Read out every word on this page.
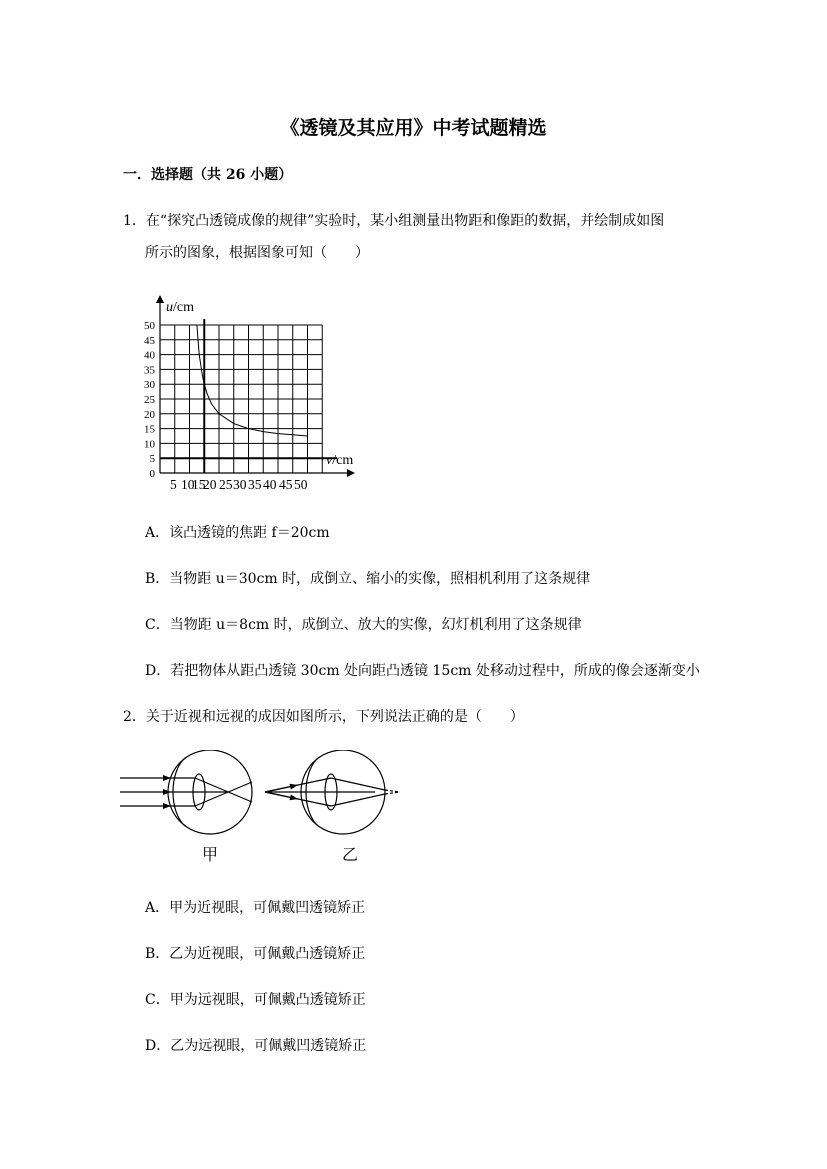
《透镜及其应用》中考试题精选
一．选择题（共 26 小题）
1．在“探究凸透镜成像的规律”实验时，某小组测量出物距和像距的数据，并绘制成如图
所示的图象，根据图象可知（　　）
0
5
10
15
20
25
30
35
40
45
50
5 10
15
20 25 30 35 40 45 50
u/cm
v/cm
A．该凸透镜的焦距 f＝20cm
B．当物距 u＝30cm 时，成倒立、缩小的实像，照相机利用了这条规律
C．当物距 u＝8cm 时，成倒立、放大的实像，幻灯机利用了这条规律
D．若把物体从距凸透镜 30cm 处向距凸透镜 15cm 处移动过程中，所成的像会逐渐变小
2．关于近视和远视的成因如图所示，下列说法正确的是（　　）
甲	乙
A．甲为近视眼，可佩戴凹透镜矫正
B．乙为近视眼，可佩戴凸透镜矫正
C．甲为远视眼，可佩戴凸透镜矫正
D．乙为远视眼，可佩戴凹透镜矫正
